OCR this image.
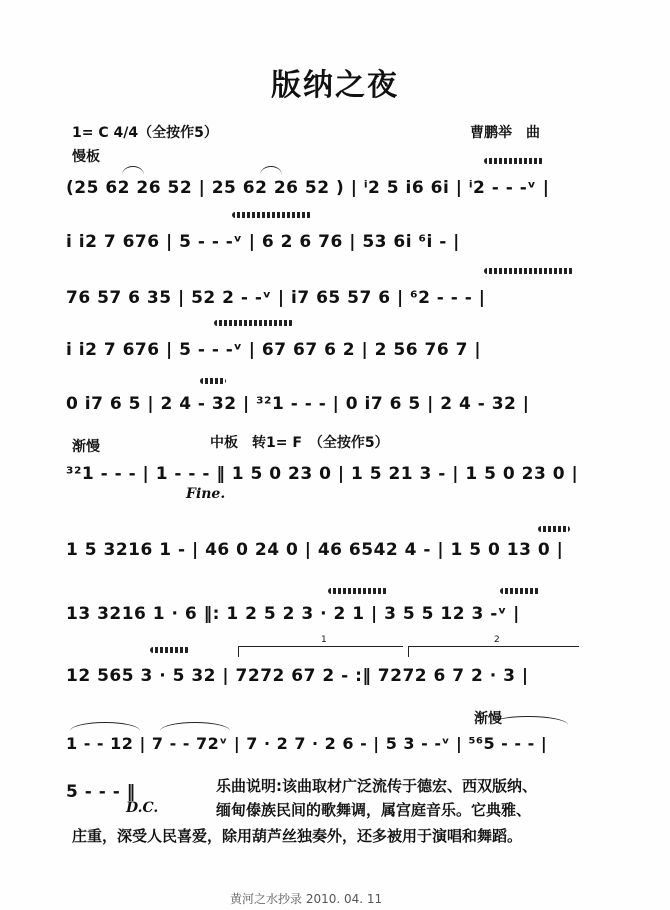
版纳之夜
1= C 4/4（全按作5）	曹鹏举　曲
慢板
1	2
(25 62 26 52 | 25 62 26 52 ) | ⁱ2 5 i6 6i | ⁱ2 - - -ᵛ |
i i2 7 676 | 5 - - -ᵛ | 6 2 6 76 | 53 6i ⁶i - |
76 57 6 35 | 52 2 - -ᵛ | i7 65 57 6 | ⁶2 - - - |
i i2 7 676 | 5 - - -ᵛ | 67 67 6 2 | 2 56 76 7 |
0 i7 6 5 | 2 4 - 32 | ³²1 - - - | 0 i7 6 5 | 2 4 - 32 |
渐慢	中板　转1= F　（全按作5）
³²1 - - - | 1 - - - ‖ 1 5 0 23 0 | 1 5 21 3 - | 1 5 0 23 0 |
Fine.
1 5 3216 1 - | 46 0 24 0 | 46 6542 4 - | 1 5 0 13 0 |
13 3216 1 · 6 ‖: 1 2 5 2 3 · 2 1 | 3 5 5 12 3 -ᵛ |
12 565 3 · 5 32 | 7272 67 2 - :‖ 7272 6 7 2 · 3 |
渐慢
1 - - 12 | 7 - - 72ᵛ | 7 · 2 7 · 2 6 - | 5 3 - -ᵛ | ⁵⁶5 - - - |
5 - - - ‖
D.C.
乐曲说明:该曲取材广泛流传于德宏、西双版纳、
缅甸傣族民间的歌舞调，属宫庭音乐。它典雅、
庄重，深受人民喜爱，除用葫芦丝独奏外，还多被用于演唱和舞蹈。
黄河之水抄录 2010. 04. 11
